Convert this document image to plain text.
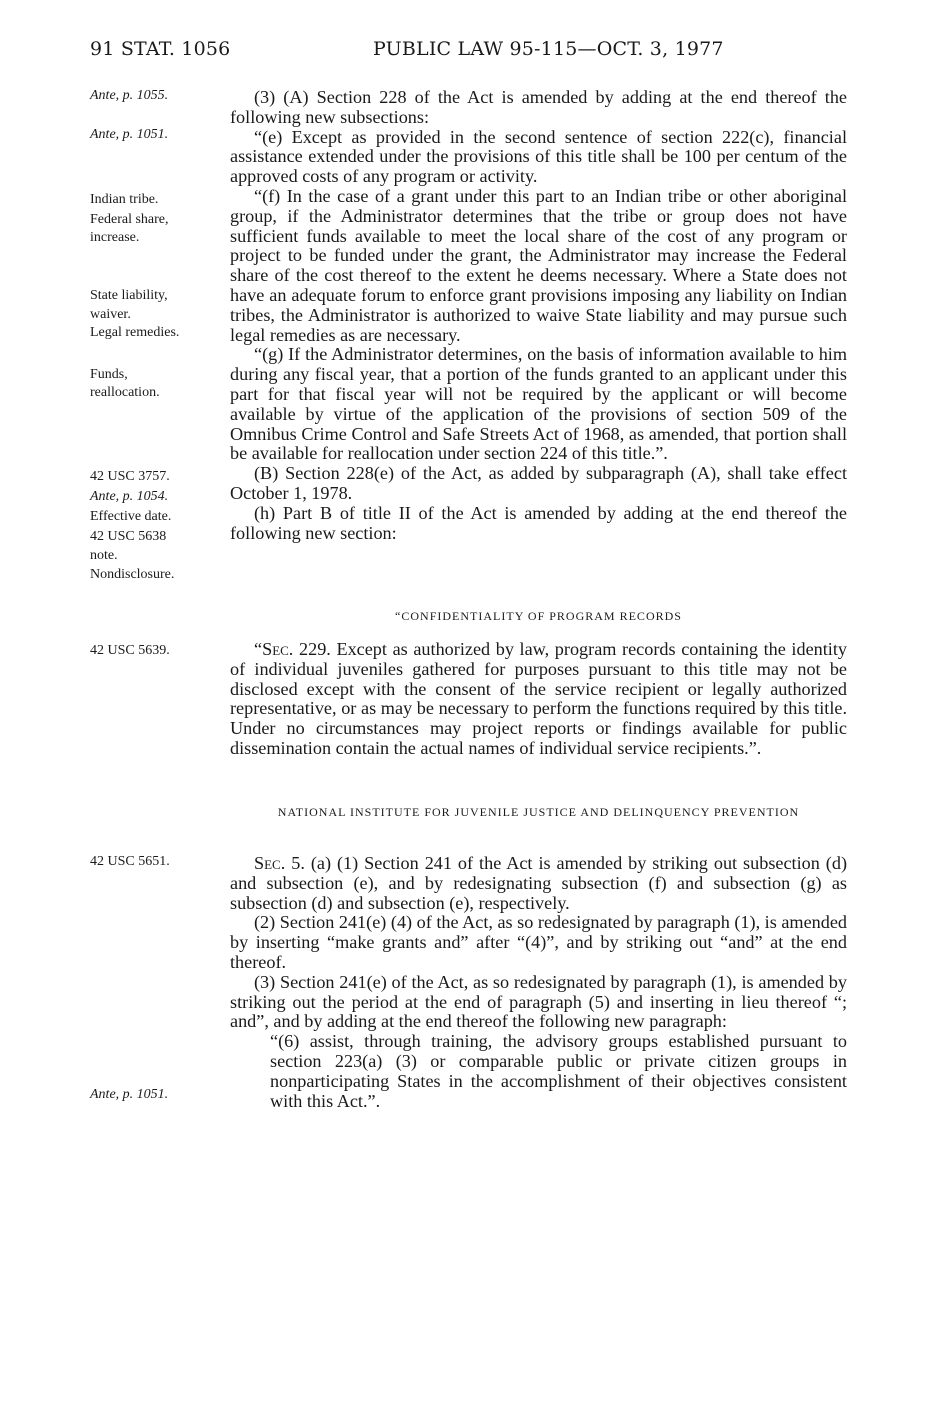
91 STAT. 1056	PUBLIC LAW 95-115—OCT. 3, 1977
Ante, p. 1055.
Ante, p. 1051.
Indian tribe.
Federal share,
increase.
State liability,
waiver.
Legal remedies.
Funds,
reallocation.
42 USC 3757.
Ante, p. 1054.
Effective date.
42 USC 5638
note.
Nondisclosure.
42 USC 5639.
42 USC 5651.
Ante, p. 1051.

(3) (A) Section 228 of the Act is amended by adding at the end thereof the following new subsections:

“(e) Except as provided in the second sentence of section 222(c), financial assistance extended under the provisions of this title shall be 100 per centum of the approved costs of any program or activity.

“(f) In the case of a grant under this part to an Indian tribe or other aboriginal group, if the Administrator determines that the tribe or group does not have sufficient funds available to meet the local share of the cost of any program or project to be funded under the grant, the Administrator may increase the Federal share of the cost thereof to the extent he deems necessary. Where a State does not have an adequate forum to enforce grant provisions imposing any liability on Indian tribes, the Administrator is authorized to waive State liability and may pursue such legal remedies as are necessary.

“(g) If the Administrator determines, on the basis of information available to him during any fiscal year, that a portion of the funds granted to an applicant under this part for that fiscal year will not be required by the applicant or will become available by virtue of the application of the provisions of section 509 of the Omnibus Crime Control and Safe Streets Act of 1968, as amended, that portion shall be available for reallocation under section 224 of this title.”.

(B) Section 228(e) of the Act, as added by subparagraph (A), shall take effect October 1, 1978.

(h) Part B of title II of the Act is amended by adding at the end thereof the following new section:

“CONFIDENTIALITY OF PROGRAM RECORDS

“Sec. 229. Except as authorized by law, program records containing the identity of individual juveniles gathered for purposes pursuant to this title may not be disclosed except with the consent of the service recipient or legally authorized representative, or as may be necessary to perform the functions required by this title. Under no circumstances may project reports or findings available for public dissemination contain the actual names of individual service recipients.”.

NATIONAL INSTITUTE FOR JUVENILE JUSTICE AND DELINQUENCY PREVENTION

Sec. 5. (a) (1) Section 241 of the Act is amended by striking out subsection (d) and subsection (e), and by redesignating subsection (f) and subsection (g) as subsection (d) and subsection (e), respectively.

(2) Section 241(e) (4) of the Act, as so redesignated by paragraph (1), is amended by inserting “make grants and” after “(4)”, and by striking out “and” at the end thereof.

(3) Section 241(e) of the Act, as so redesignated by paragraph (1), is amended by striking out the period at the end of paragraph (5) and inserting in lieu thereof “; and”, and by adding at the end thereof the following new paragraph:

“(6) assist, through training, the advisory groups established pursuant to section 223(a) (3) or comparable public or private citizen groups in nonparticipating States in the accomplishment of their objectives consistent with this Act.”.
